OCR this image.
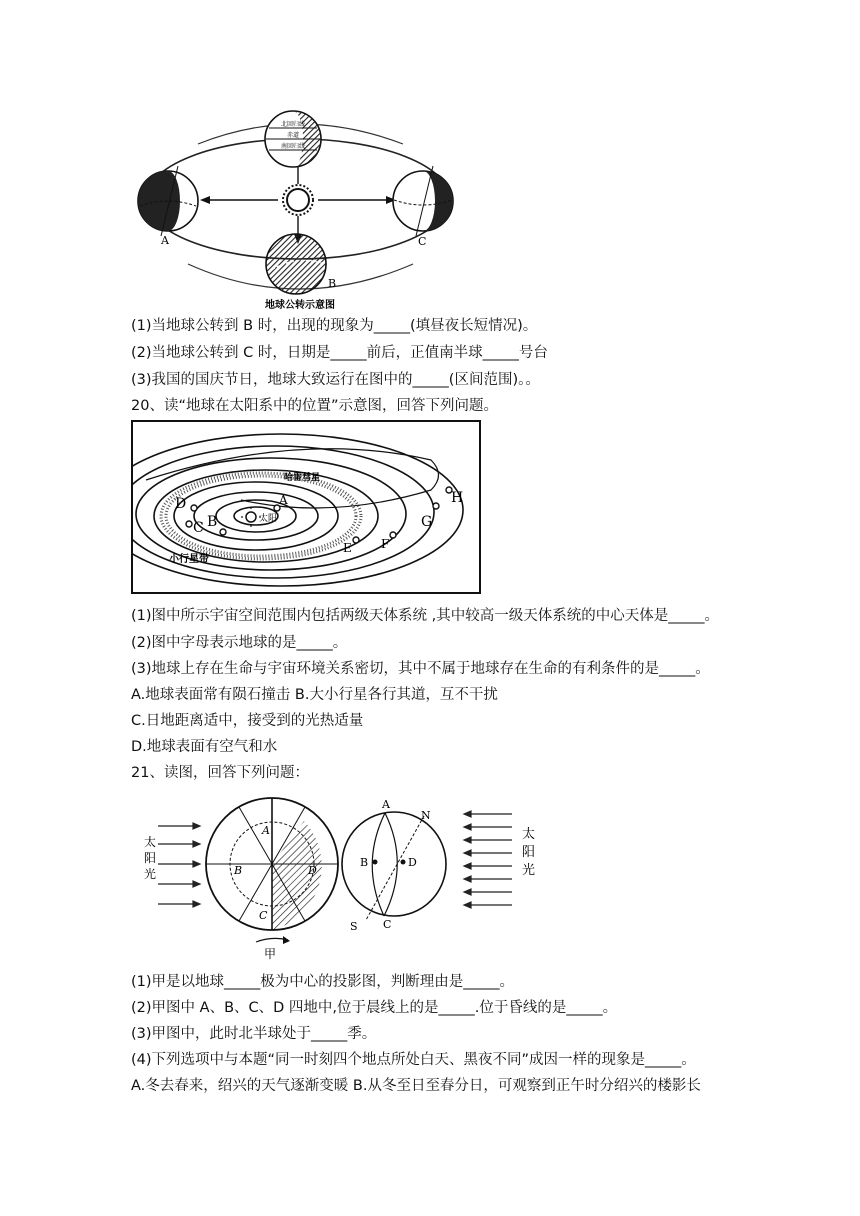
北回归线
赤道
南回归线
A	C
B
地球公转示意图
(1)当地球公转到 B 时，出现的现象为_____(填昼夜长短情况)。
(2)当地球公转到 C 时，日期是_____前后，正值南半球_____号台
(3)我国的国庆节日，地球大致运行在图中的_____(区间范围)。。
20、读“地球在太阳系中的位置”示意图，回答下列问题。
A
B
C
D
E F
G
H
太阳
哈雷彗星
小行星带
(1)图中所示宇宙空间范围内包括两级天体系统 ,其中较高一级天体系统的中心天体是_____。
(2)图中字母表示地球的是_____。
(3)地球上存在生命与宇宙环境关系密切，其中不属于地球存在生命的有利条件的是_____。
A.地球表面常有陨石撞击 B.大小行星各行其道，互不干扰
C.日地距离适中，接受到的光热适量
D.地球表面有空气和水
21、读图，回答下列问题：
太
阳
光
A
B
C
D
甲
A
B
C
D
N
S
太
阳
光
(1)甲是以地球_____极为中心的投影图，判断理由是_____。
(2)甲图中 A、B、C、D 四地中,位于晨线上的是_____.位于昏线的是_____。
(3)甲图中，此时北半球处于_____季。
(4)下列选项中与本题“同一时刻四个地点所处白天、黑夜不同”成因一样的现象是_____。
A.冬去春来，绍兴的天气逐渐变暖 B.从冬至日至春分日，可观察到正午时分绍兴的楼影长
